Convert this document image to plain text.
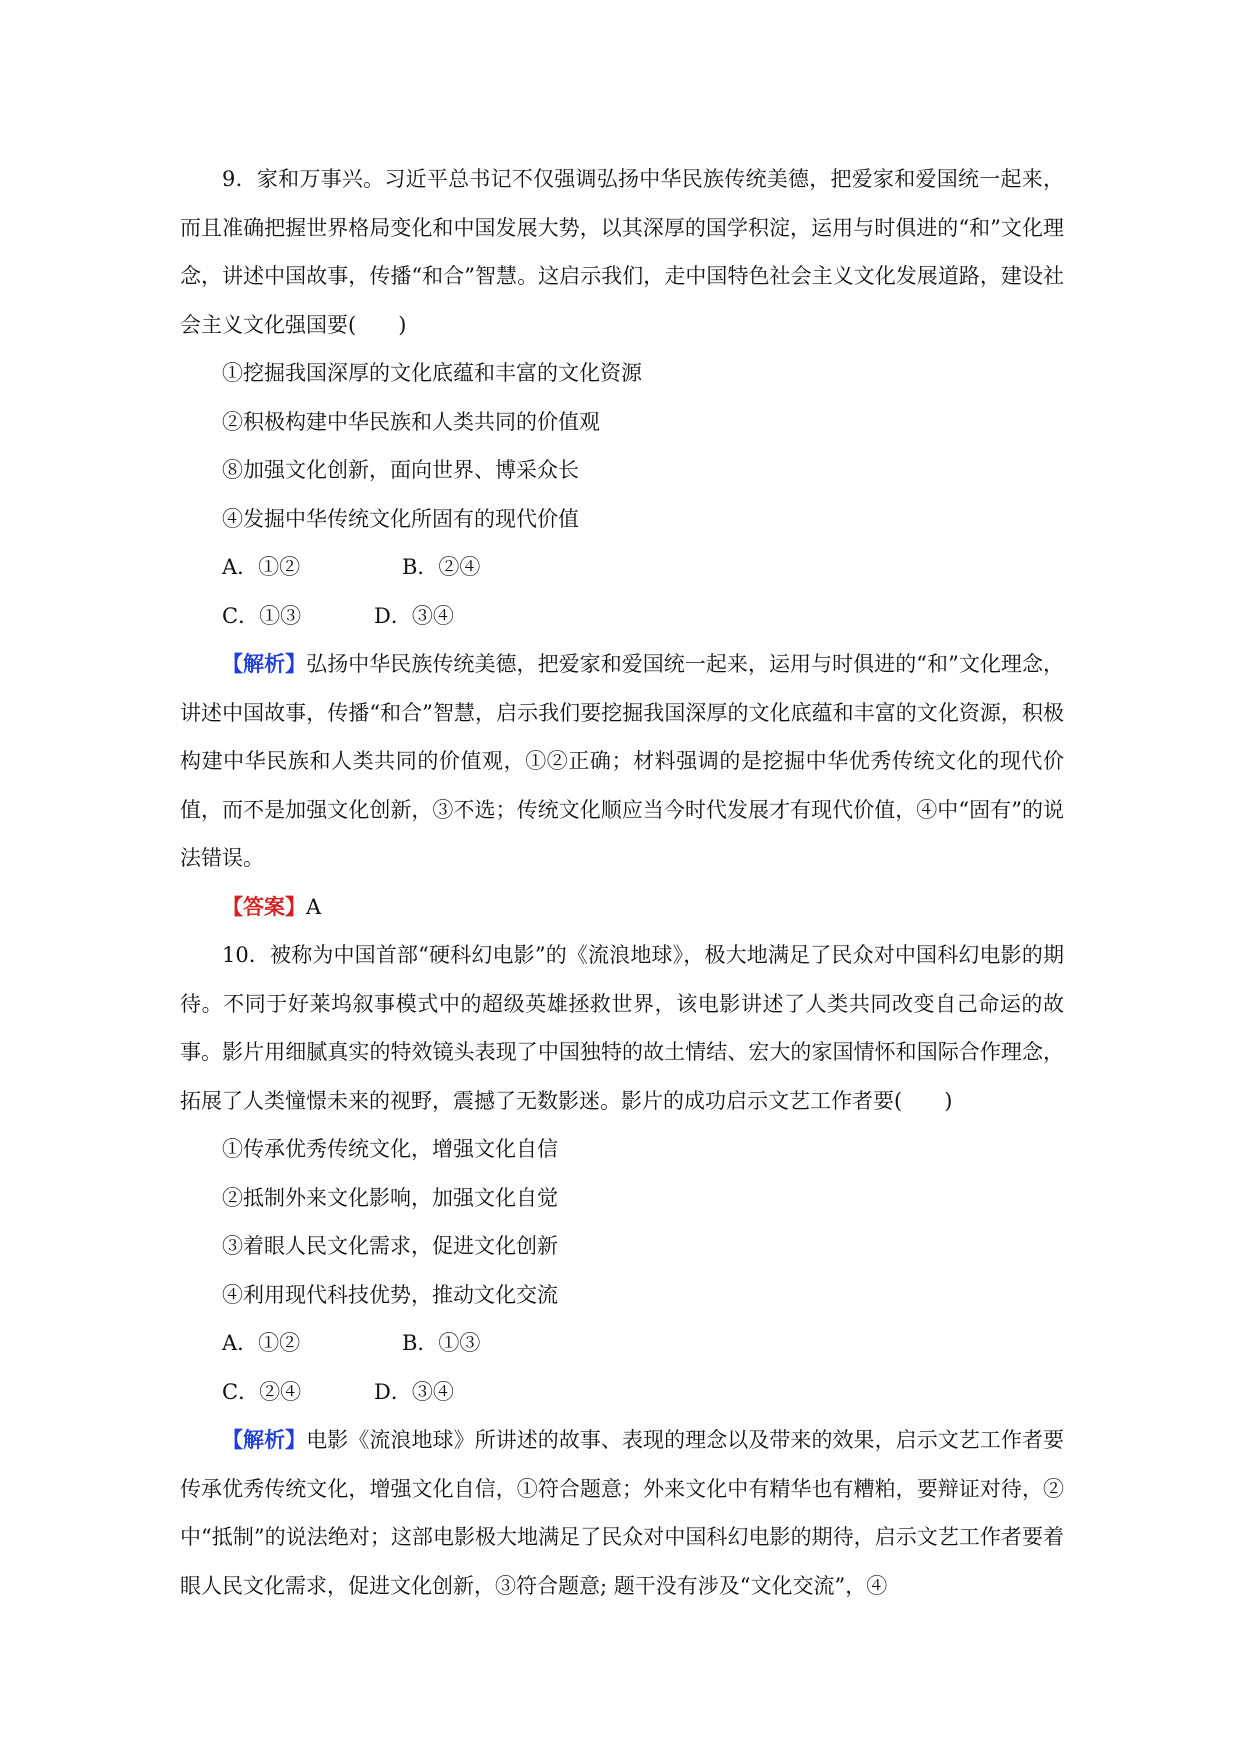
9．家和万事兴。习近平总书记不仅强调弘扬中华民族传统美德，把爱家和爱国统一起来，而且准确把握世界格局变化和中国发展大势，以其深厚的国学积淀，运用与时俱进的“和”文化理念，讲述中国故事，传播“和合”智慧。这启示我们，走中国特色社会主义文化发展道路，建设社会主义文化强国要(　　)

①挖掘我国深厚的文化底蕴和丰富的文化资源

②积极构建中华民族和人类共同的价值观

⑧加强文化创新，面向世界、博采众长

④发掘中华传统文化所固有的现代价值

A．①②	B．②④
C．①③	D．③④

【解析】弘扬中华民族传统美德，把爱家和爱国统一起来，运用与时俱进的“和”文化理念，讲述中国故事，传播“和合”智慧，启示我们要挖掘我国深厚的文化底蕴和丰富的文化资源，积极构建中华民族和人类共同的价值观，①②正确；材料强调的是挖掘中华优秀传统文化的现代价值，而不是加强文化创新，③不选；传统文化顺应当今时代发展才有现代价值，④中“固有”的说法错误。

【答案】A

10．被称为中国首部“硬科幻电影”的《流浪地球》，极大地满足了民众对中国科幻电影的期待。不同于好莱坞叙事模式中的超级英雄拯救世界，该电影讲述了人类共同改变自己命运的故事。影片用细腻真实的特效镜头表现了中国独特的故土情结、宏大的家国情怀和国际合作理念，拓展了人类憧憬未来的视野，震撼了无数影迷。影片的成功启示文艺工作者要(　　)

①传承优秀传统文化，增强文化自信

②抵制外来文化影响，加强文化自觉

③着眼人民文化需求，促进文化创新

④利用现代科技优势，推动文化交流

A．①②	B．①③
C．②④	D．③④

【解析】电影《流浪地球》所讲述的故事、表现的理念以及带来的效果，启示文艺工作者要传承优秀传统文化，增强文化自信，①符合题意；外来文化中有精华也有糟粕，要辩证对待，②中“抵制”的说法绝对；这部电影极大地满足了民众对中国科幻电影的期待，启示文艺工作者要着眼人民文化需求，促进文化创新，③符合题意; 题干没有涉及“文化交流”，④
